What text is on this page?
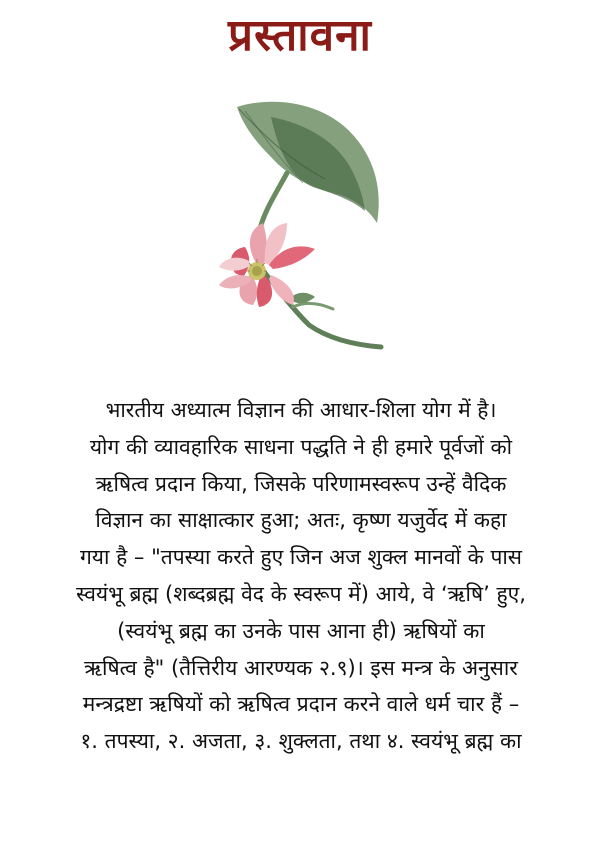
प्रस्तावना
भारतीय अध्यात्म विज्ञान की आधार-शिला योग में है।
योग की व्यावहारिक साधना पद्धति ने ही हमारे पूर्वजों को
ऋषित्व प्रदान किया, जिसके परिणामस्वरूप उन्हें वैदिक
विज्ञान का साक्षात्कार हुआ; अतः, कृष्ण यजुर्वेद में कहा
गया है – "तपस्या करते हुए जिन अज शुक्ल मानवों के पास
स्वयंभू ब्रह्म (शब्दब्रह्म वेद के स्वरूप में) आये, वे ‘ऋषि’ हुए,
(स्वयंभू ब्रह्म का उनके पास आना ही) ऋषियों का
ऋषित्व है" (तैत्तिरीय आरण्यक २.९)। इस मन्त्र के अनुसार
मन्त्रद्रष्टा ऋषियों को ऋषित्व प्रदान करने वाले धर्म चार हैं –
१. तपस्या, २. अजता, ३. शुक्लता, तथा ४. स्वयंभू ब्रह्म का
